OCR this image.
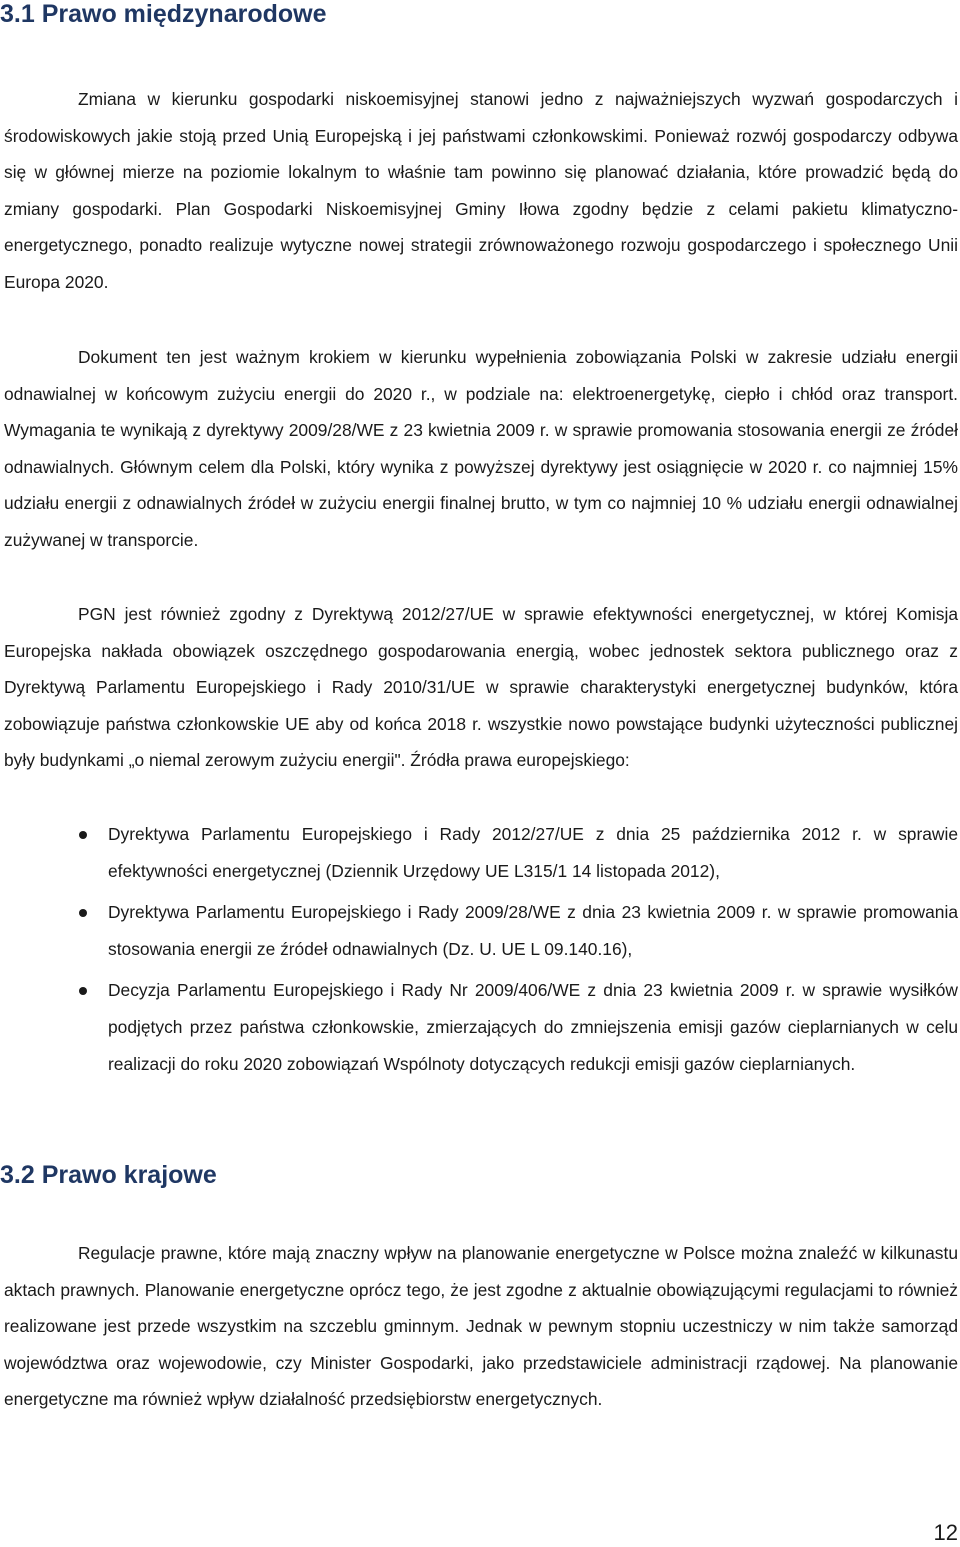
3.1 Prawo międzynarodowe

Zmiana w kierunku gospodarki niskoemisyjnej stanowi jedno z najważniejszych wyzwań gospodarczych i środowiskowych jakie stoją przed Unią Europejską i jej państwami członkowskimi. Ponieważ rozwój gospodarczy odbywa się w głównej mierze na poziomie lokalnym to właśnie tam powinno się planować działania, które prowadzić będą do zmiany gospodarki. Plan Gospodarki Niskoemisyjnej Gminy Iłowa zgodny będzie z celami pakietu klimatyczno-energetycznego, ponadto realizuje wytyczne nowej strategii zrównoważonego rozwoju gospodarczego i społecznego Unii Europa 2020.

Dokument ten jest ważnym krokiem w kierunku wypełnienia zobowiązania Polski w zakresie udziału energii odnawialnej w końcowym zużyciu energii do 2020 r., w podziale na: elektroenergetykę, ciepło i chłód oraz transport. Wymagania te wynikają z dyrektywy 2009/28/WE z 23 kwietnia 2009 r. w sprawie promowania stosowania energii ze źródeł odnawialnych. Głównym celem dla Polski, który wynika z powyższej dyrektywy jest osiągnięcie w 2020 r. co najmniej 15% udziału energii z odnawialnych źródeł w zużyciu energii finalnej brutto, w tym co najmniej 10 % udziału energii odnawialnej zużywanej w transporcie.

PGN jest również zgodny z Dyrektywą 2012/27/UE w sprawie efektywności energetycznej, w której Komisja Europejska nakłada obowiązek oszczędnego gospodarowania energią, wobec jednostek sektora publicznego oraz z Dyrektywą Parlamentu Europejskiego i Rady 2010/31/UE w sprawie charakterystyki energetycznej budynków, która zobowiązuje państwa członkowskie UE aby od końca 2018 r. wszystkie nowo powstające budynki użyteczności publicznej były budynkami „o niemal zerowym zużyciu energii". Źródła prawa europejskiego:

Dyrektywa Parlamentu Europejskiego i Rady 2012/27/UE z dnia 25 października 2012 r. w sprawie efektywności energetycznej (Dziennik Urzędowy UE L315/1 14 listopada 2012),
Dyrektywa Parlamentu Europejskiego i Rady 2009/28/WE z dnia 23 kwietnia 2009 r. w sprawie promowania stosowania energii ze źródeł odnawialnych (Dz. U. UE L 09.140.16),
Decyzja Parlamentu Europejskiego i Rady Nr 2009/406/WE z dnia 23 kwietnia 2009 r. w sprawie wysiłków podjętych przez państwa członkowskie, zmierzających do zmniejszenia emisji gazów cieplarnianych w celu realizacji do roku 2020 zobowiązań Wspólnoty dotyczących redukcji emisji gazów cieplarnianych.
3.2 Prawo krajowe

Regulacje prawne, które mają znaczny wpływ na planowanie energetyczne w Polsce można znaleźć w kilkunastu aktach prawnych. Planowanie energetyczne oprócz tego, że jest zgodne z aktualnie obowiązującymi regulacjami to również realizowane jest przede wszystkim na szczeblu gminnym. Jednak w pewnym stopniu uczestniczy w nim także samorząd województwa oraz wojewodowie, czy Minister Gospodarki, jako przedstawiciele administracji rządowej. Na planowanie energetyczne ma również wpływ działalność przedsiębiorstw energetycznych.

12
